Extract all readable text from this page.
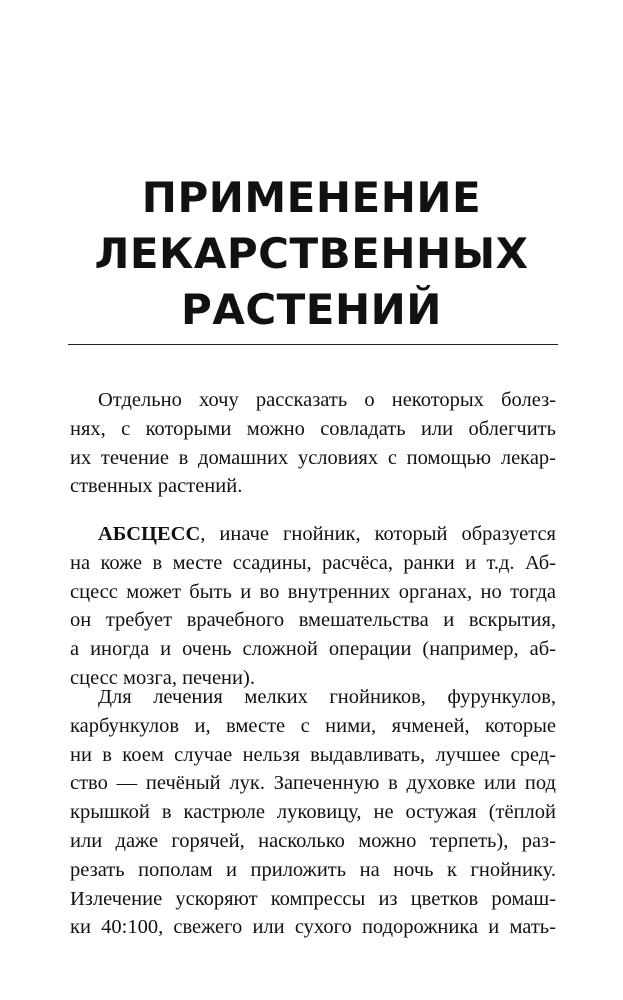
ПРИМЕНЕНИЕ
ЛЕКАРСТВЕННЫХ
РАСТЕНИЙ
Отдельно хочу рассказать о некоторых болез-
нях, с которыми можно совладать или облегчить
их течение в домашних условиях с помощью лекар-
ственных растений.
АБСЦЕСС, иначе гнойник, который образуется
на коже в месте ссадины, расчёса, ранки и т.д. Аб-
сцесс может быть и во внутренних органах, но тогда
он требует врачебного вмешательства и вскрытия,
а иногда и очень сложной операции (например, аб-
сцесс мозга, печени).
Для лечения мелких гнойников, фурункулов,
карбункулов и, вместе с ними, ячменей, которые
ни в коем случае нельзя выдавливать, лучшее сред-
ство — печёный лук. Запеченную в духовке или под
крышкой в кастрюле луковицу, не остужая (тёплой
или даже горячей, насколько можно терпеть), раз-
резать пополам и приложить на ночь к гнойнику.
Излечение ускоряют компрессы из цветков ромаш-
ки 40:100, свежего или сухого подорожника и мать-
